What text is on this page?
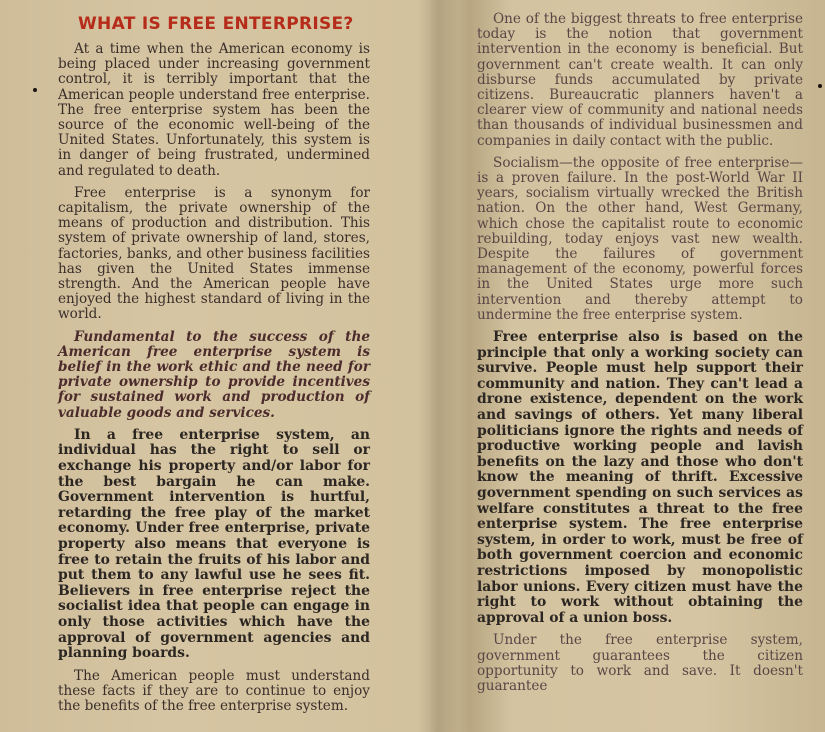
WHAT IS FREE ENTERPRISE?

At a time when the American economy is being placed under increasing government control, it is terribly important that the American people understand free enterprise. The free enterprise system has been the source of the economic well-being of the United States. Unfortunately, this system is in danger of being frustrated, undermined and regulated to death.

Free enterprise is a synonym for capitalism, the private ownership of the means of production and distribution. This system of private ownership of land, stores, factories, banks, and other business facilities has given the United States immense strength. And the American people have enjoyed the highest standard of living in the world.

Fundamental to the success of the American free enterprise system is belief in the work ethic and the need for private ownership to provide incentives for sustained work and production of valuable goods and services.

In a free enterprise system, an individual has the right to sell or exchange his property and/or labor for the best bargain he can make. Government intervention is hurtful, retarding the free play of the market economy. Under free enterprise, private property also means that everyone is free to retain the fruits of his labor and put them to any lawful use he sees fit. Believers in free enterprise reject the socialist idea that people can engage in only those activities which have the approval of government agencies and planning boards.

The American people must understand these facts if they are to continue to enjoy the benefits of the free enterprise system.

One of the biggest threats to free enterprise today is the notion that government intervention in the economy is beneficial. But government can't create wealth. It can only disburse funds accumulated by private citizens. Bureaucratic planners haven't a clearer view of community and national needs than thousands of individual businessmen and companies in daily contact with the public.

Socialism—the opposite of free enterprise—is a proven failure. In the post-World War II years, socialism virtually wrecked the British nation. On the other hand, West Germany, which chose the capitalist route to economic rebuilding, today enjoys vast new wealth. Despite the failures of government management of the economy, powerful forces in the United States urge more such intervention and thereby attempt to undermine the free enterprise system.

Free enterprise also is based on the principle that only a working society can survive. People must help support their community and nation. They can't lead a drone existence, dependent on the work and savings of others. Yet many liberal politicians ignore the rights and needs of productive working people and lavish benefits on the lazy and those who don't know the meaning of thrift. Excessive government spending on such services as welfare constitutes a threat to the free enterprise system. The free enterprise system, in order to work, must be free of both government coercion and economic restrictions imposed by monopolistic labor unions. Every citizen must have the right to work without obtaining the approval of a union boss.

Under the free enterprise system, government guarantees the citizen opportunity to work and save. It doesn't guarantee
